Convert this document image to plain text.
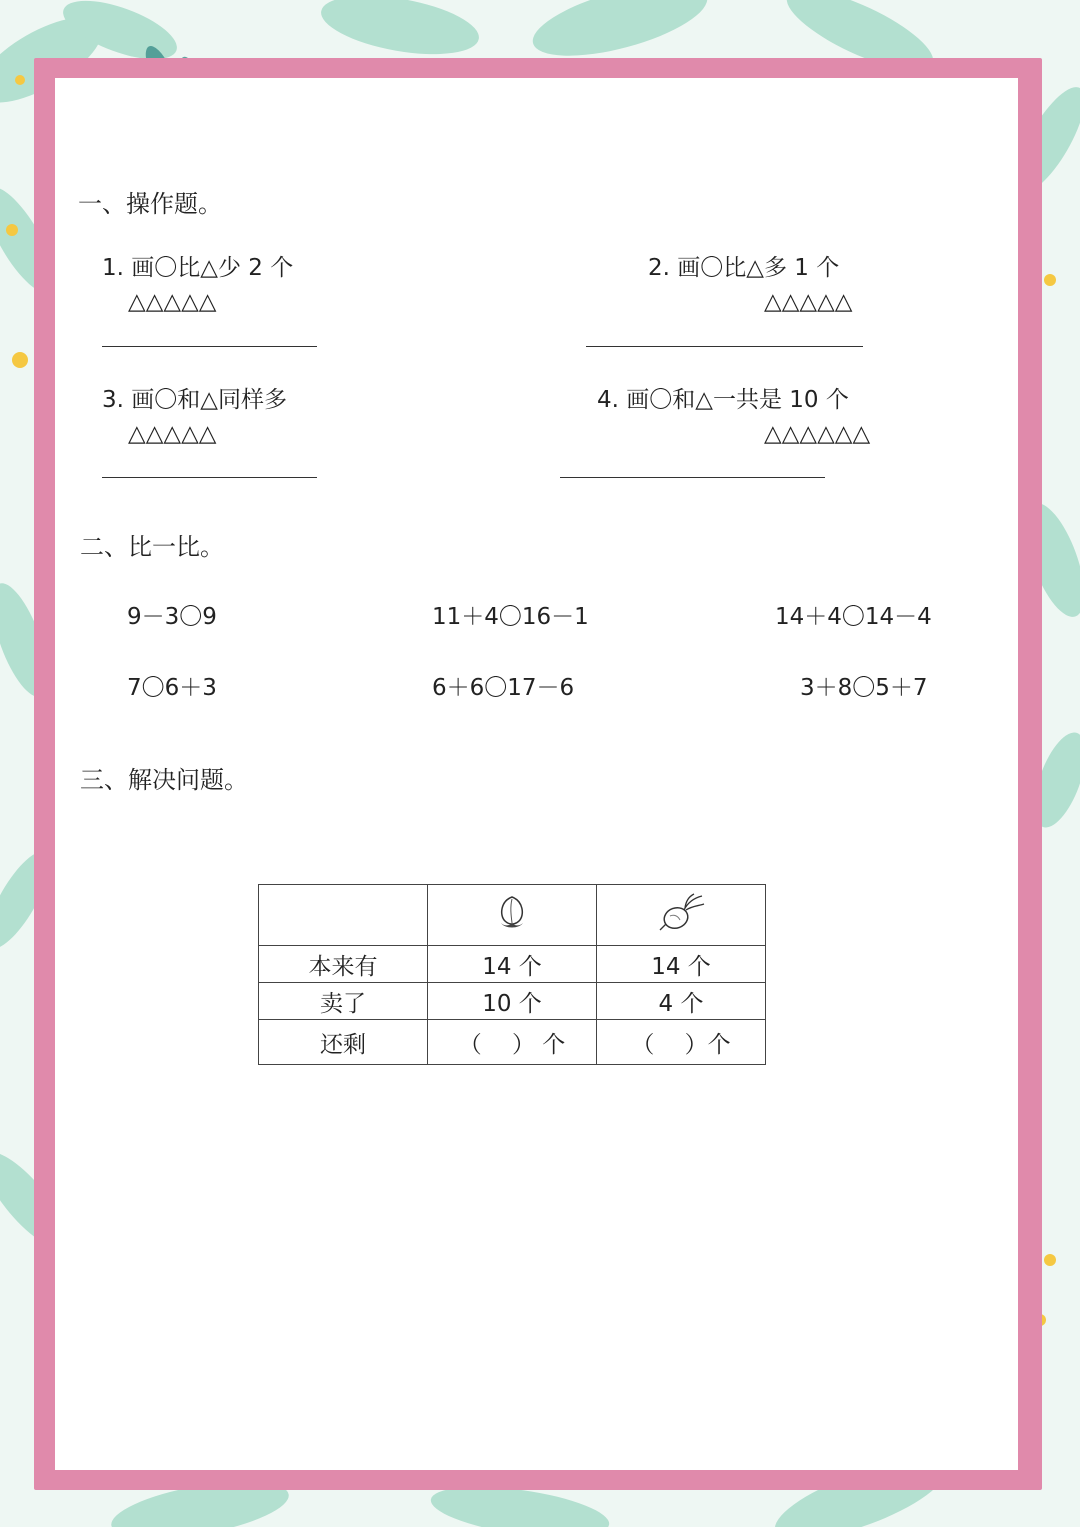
一、操作题。
1. 画〇比△少 2 个
△△△△△
2. 画〇比△多 1 个
△△△△△
3. 画〇和△同样多
△△△△△
4. 画〇和△一共是 10 个
△△△△△△
二、比一比。
9－3〇9	11＋4〇16－1	14＋4〇14－4
7〇6＋3	6＋6〇17－6	3＋8〇5＋7
三、解决问题。

本来有	14 个	14 个
卖了	10 个	4 个
还剩	（　 ） 个	（　 ）个
